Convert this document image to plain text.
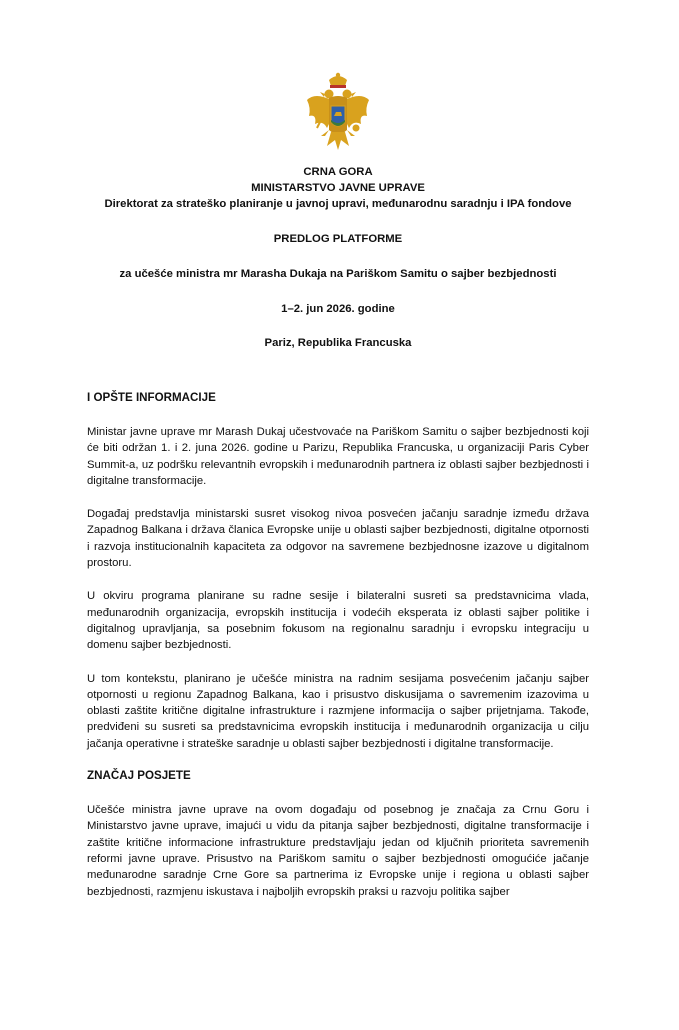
CRNA GORA
MINISTARSTVO JAVNE UPRAVE
Direktorat za strateško planiranje u javnoj upravi, međunarodnu saradnju i IPA fondove
PREDLOG PLATFORME
za učešće ministra mr Marasha Dukaja na Pariškom Samitu o sajber bezbjednosti
1–2. jun 2026. godine
Pariz, Republika Francuska
I OPŠTE INFORMACIJE

Ministar javne uprave mr Marash Dukaj učestvovaće na Pariškom Samitu o sajber bezbjednosti koji će biti održan 1. i 2. juna 2026. godine u Parizu, Republika Francuska, u organizaciji Paris Cyber Summit-a, uz podršku relevantnih evropskih i međunarodnih partnera iz oblasti sajber bezbjednosti i digitalne transformacije.

Događaj predstavlja ministarski susret visokog nivoa posvećen jačanju saradnje između država Zapadnog Balkana i država članica Evropske unije u oblasti sajber bezbjednosti, digitalne otpornosti i razvoja institucionalnih kapaciteta za odgovor na savremene bezbjednosne izazove u digitalnom prostoru.

U okviru programa planirane su radne sesije i bilateralni susreti sa predstavnicima vlada, međunarodnih organizacija, evropskih institucija i vodećih eksperata iz oblasti sajber politike i digitalnog upravljanja, sa posebnim fokusom na regionalnu saradnju i evropsku integraciju u domenu sajber bezbjednosti.

U tom kontekstu, planirano je učešće ministra na radnim sesijama posvećenim jačanju sajber otpornosti u regionu Zapadnog Balkana, kao i prisustvo diskusijama o savremenim izazovima u oblasti zaštite kritične digitalne infrastrukture i razmjene informacija o sajber prijetnjama. Takođe, predviđeni su susreti sa predstavnicima evropskih institucija i međunarodnih organizacija u cilju jačanja operativne i strateške saradnje u oblasti sajber bezbjednosti i digitalne transformacije.

ZNAČAJ POSJETE

Učešće ministra javne uprave na ovom događaju od posebnog je značaja za Crnu Goru i Ministarstvo javne uprave, imajući u vidu da pitanja sajber bezbjednosti, digitalne transformacije i zaštite kritične informacione infrastrukture predstavljaju jedan od ključnih prioriteta savremenih reformi javne uprave. Prisustvo na Pariškom samitu o sajber bezbjednosti omogućiće jačanje međunarodne saradnje Crne Gore sa partnerima iz Evropske unije i regiona u oblasti sajber bezbjednosti, razmjenu iskustava i najboljih evropskih praksi u razvoju politika sajber
